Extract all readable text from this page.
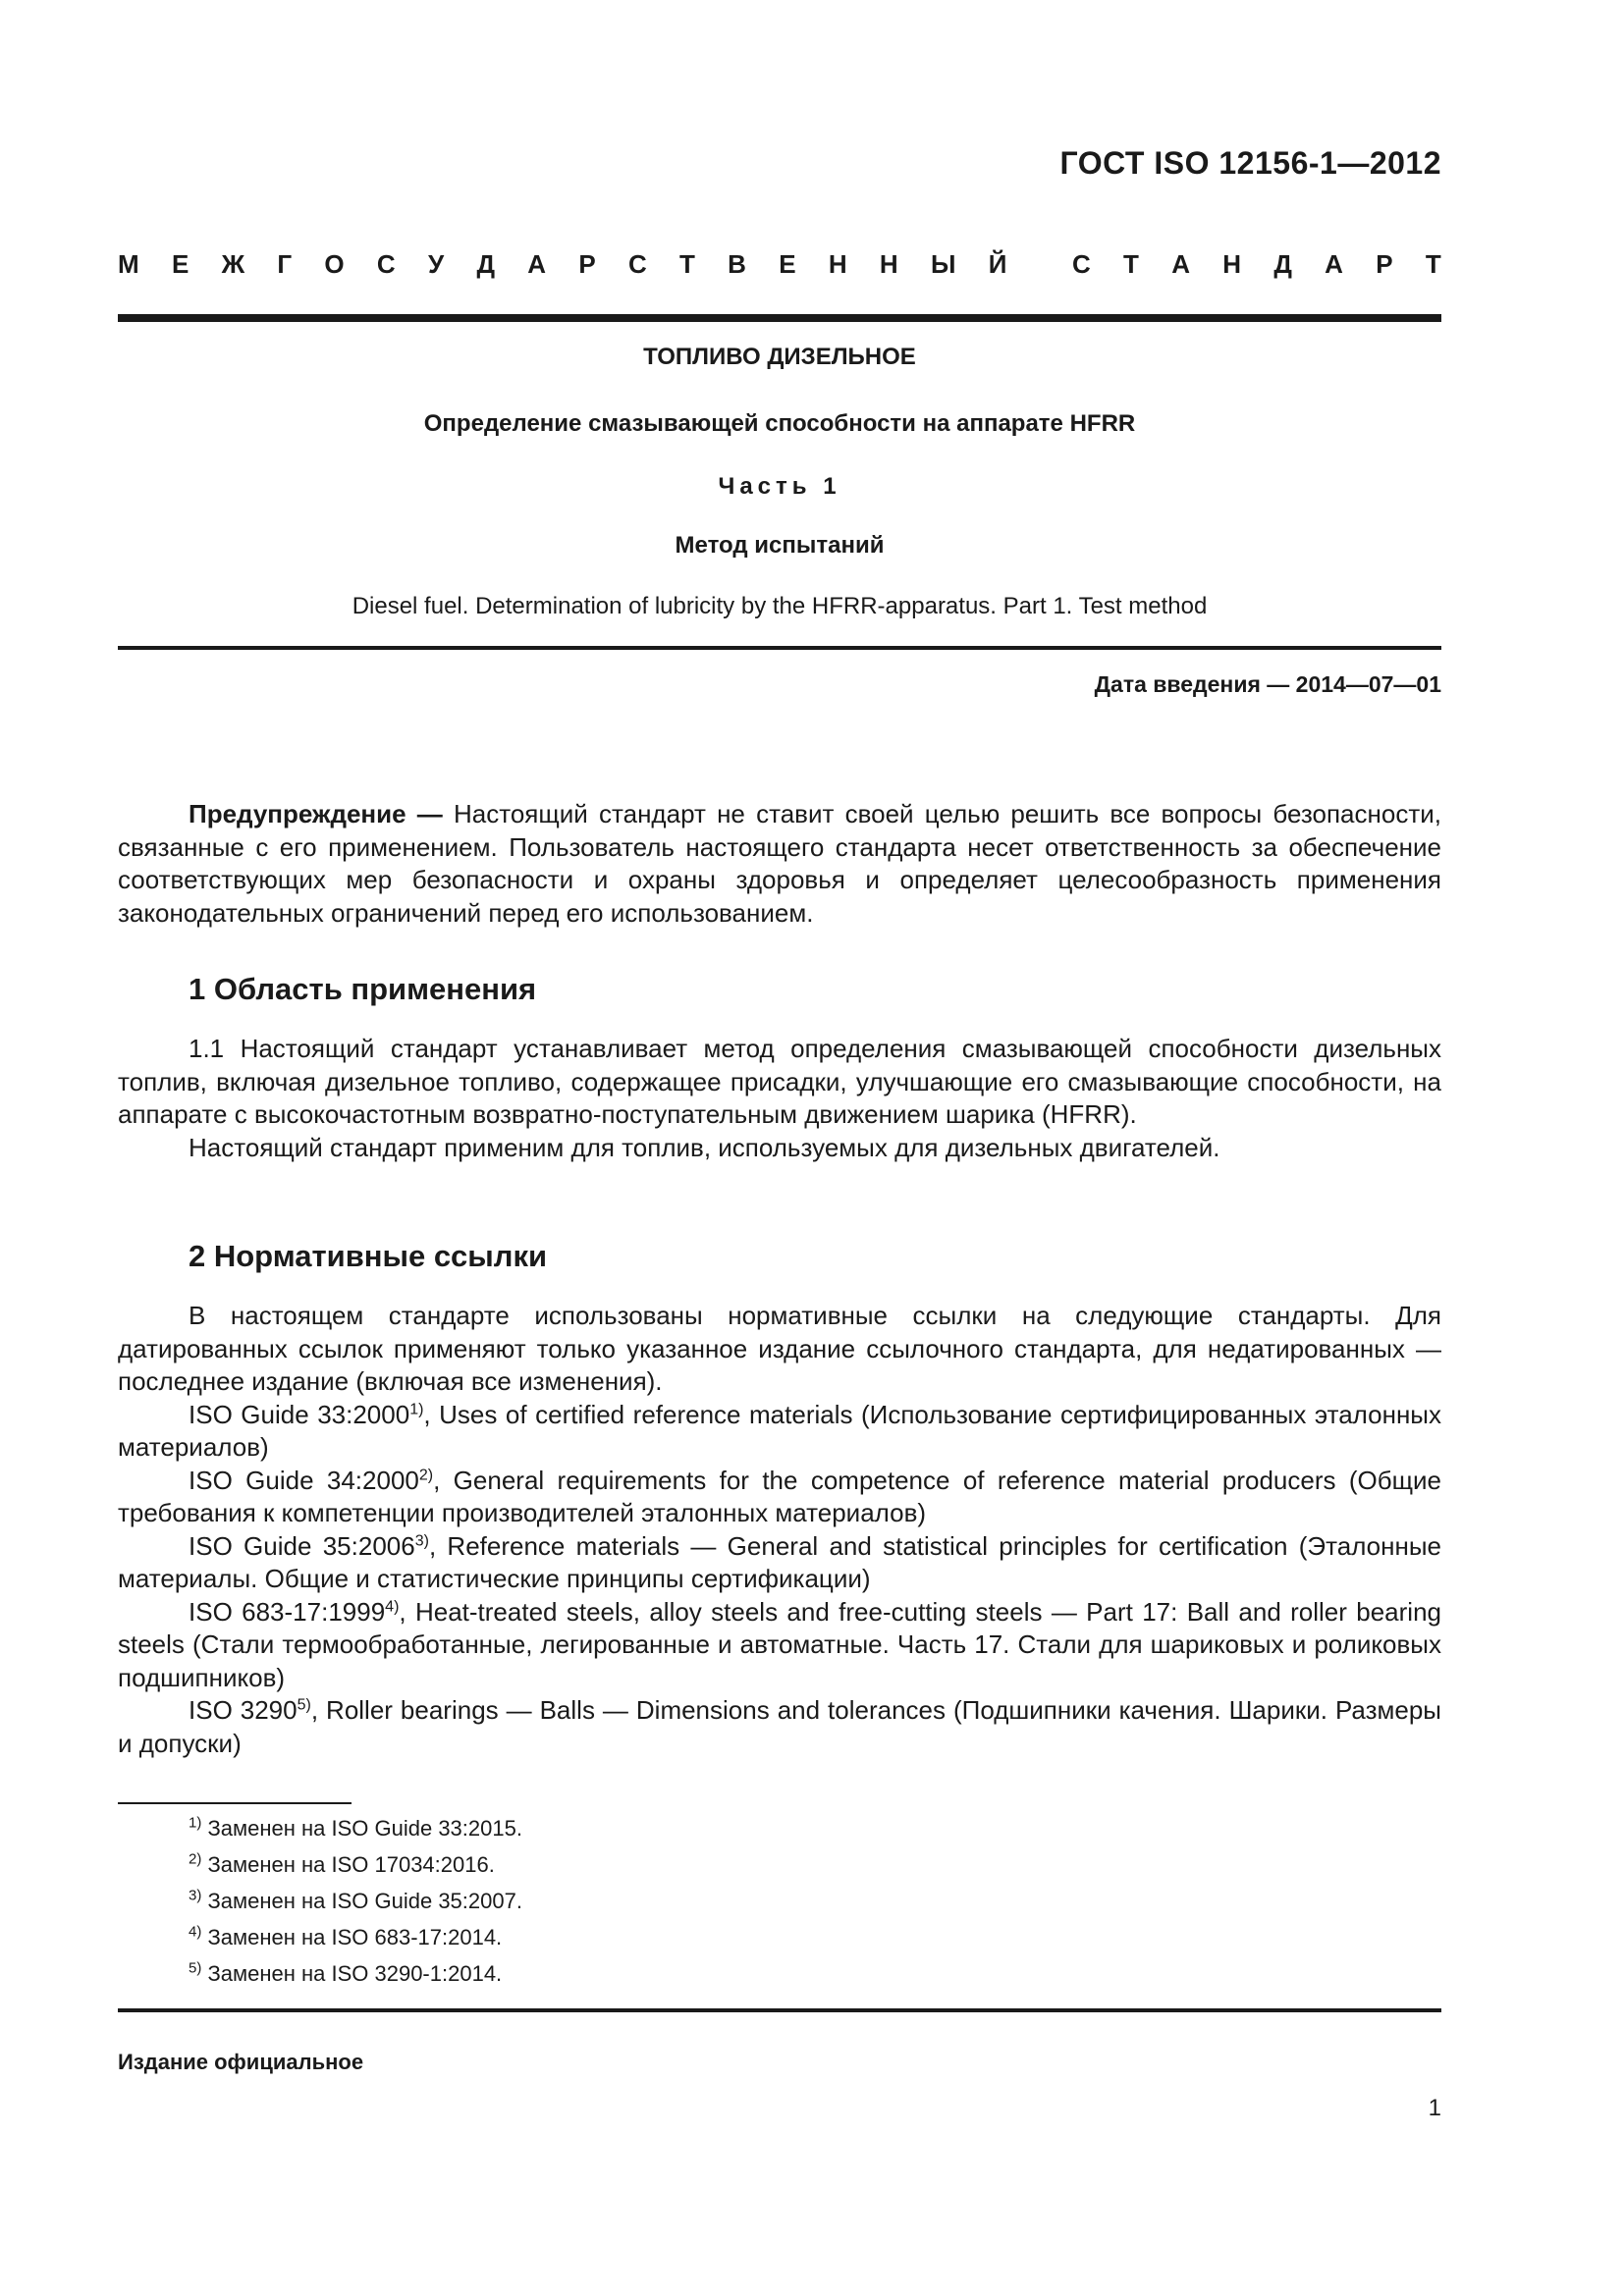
ГОСТ ISO 12156-1—2012
М Е Ж Г О С У Д А Р С Т В Е Н Н Ы Й	С Т А Н Д А Р Т
ТОПЛИВО ДИЗЕЛЬНОЕ
Определение смазывающей способности на аппарате HFRR
Часть 1
Метод испытаний
Diesel fuel. Determination of lubricity by the HFRR-apparatus. Part 1. Test method
Дата введения — 2014—07—01

Предупреждение — Настоящий стандарт не ставит своей целью решить все вопросы безопасности, связанные с его применением. Пользователь настоящего стандарта несет ответственность за обеспечение соответствующих мер безопасности и охраны здоровья и определяет целесообразность применения законодательных ограничений перед его использованием.

1 Область применения

1.1 Настоящий стандарт устанавливает метод определения смазывающей способности дизельных топлив, включая дизельное топливо, содержащее присадки, улучшающие его смазывающие способности, на аппарате с высокочастотным возвратно-поступательным движением шарика (HFRR).

Настоящий стандарт применим для топлив, используемых для дизельных двигателей.

2 Нормативные ссылки

В настоящем стандарте использованы нормативные ссылки на следующие стандарты. Для датированных ссылок применяют только указанное издание ссылочного стандарта, для недатированных — последнее издание (включая все изменения).

ISO Guide 33:2000$^{1)}$, Uses of certified reference materials (Использование сертифицированных эталонных материалов)

ISO Guide 34:2000$^{2)}$, General requirements for the competence of reference material producers (Общие требования к компетенции производителей эталонных материалов)

ISO Guide 35:2006$^{3)}$, Reference materials — General and statistical principles for certification (Эталонные материалы. Общие и статистические принципы сертификации)

ISO 683-17:1999$^{4)}$, Heat-treated steels, alloy steels and free-cutting steels — Part 17: Ball and roller bearing steels (Стали термообработанные, легированные и автоматные. Часть 17. Стали для шариковых и роликовых подшипников)

ISO 3290$^{5)}$, Roller bearings — Balls — Dimensions and tolerances (Подшипники качения. Шарики. Размеры и допуски)

$^{1)}$ Заменен на ISO Guide 33:2015.
$^{2)}$ Заменен на ISO 17034:2016.
$^{3)}$ Заменен на ISO Guide 35:2007.
$^{4)}$ Заменен на ISO 683-17:2014.
$^{5)}$ Заменен на ISO 3290-1:2014.
Издание официальное
1
